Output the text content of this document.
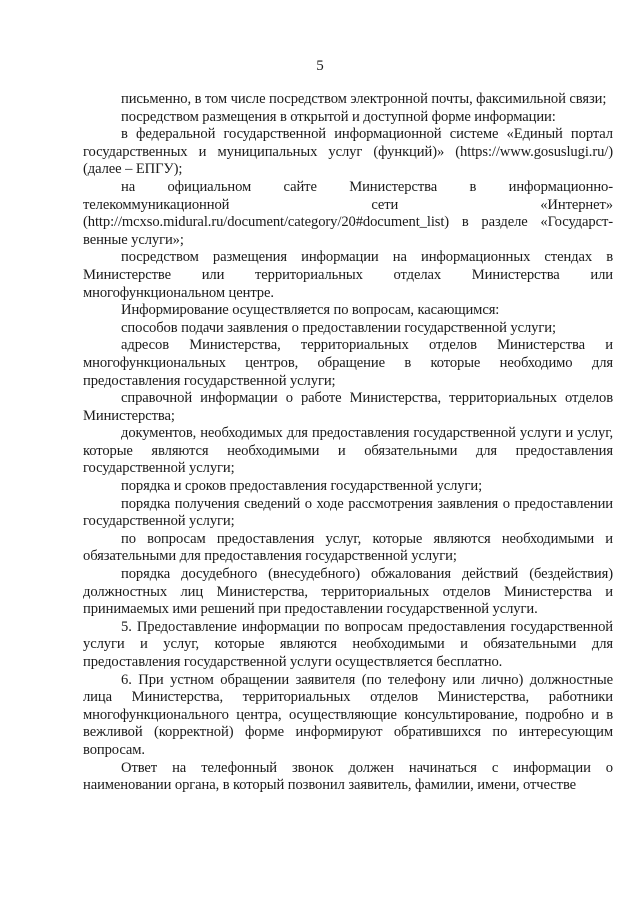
5

письменно, в том числе посредством электронной почты, факсимильной связи;

посредством размещения в открытой и доступной форме информации:

в федеральной государственной информационной системе «Единый портал государственных и муниципальных услуг (функций)» (https://www.gosuslugi.ru/) (далее – ЕПГУ);

на официальном сайте Министерства в информационно-телекоммуникационной сети «Интернет» (http://mcxso.midural.ru/document/category/20#document_list) в разделе «Государст-венные услуги»;

посредством размещения информации на информационных стендах в Министерстве или территориальных отделах Министерства или многофункциональном центре.

Информирование осуществляется по вопросам, касающимся:

способов подачи заявления о предоставлении государственной услуги;

адресов Министерства, территориальных отделов Министерства и многофункциональных центров, обращение в которые необходимо для предоставления государственной услуги;

справочной информации о работе Министерства, территориальных отделов Министерства;

документов, необходимых для предоставления государственной услуги и услуг, которые являются необходимыми и обязательными для предоставления государственной услуги;

порядка и сроков предоставления государственной услуги;

порядка получения сведений о ходе рассмотрения заявления о предоставлении государственной услуги;

по вопросам предоставления услуг, которые являются необходимыми и обязательными для предоставления государственной услуги;

порядка досудебного (внесудебного) обжалования действий (бездействия) должностных лиц Министерства, территориальных отделов Министерства и принимаемых ими решений при предоставлении государственной услуги.

5. Предоставление информации по вопросам предоставления государственной услуги и услуг, которые являются необходимыми и обязательными для предоставления государственной услуги осуществляется бесплатно.

6. При устном обращении заявителя (по телефону или лично) должностные лица Министерства, территориальных отделов Министерства, работники многофункционального центра, осуществляющие консультирование, подробно и в вежливой (корректной) форме информируют обратившихся по интересующим вопросам.

Ответ на телефонный звонок должен начинаться с информации о наименовании органа, в который позвонил заявитель, фамилии, имени, отчестве
